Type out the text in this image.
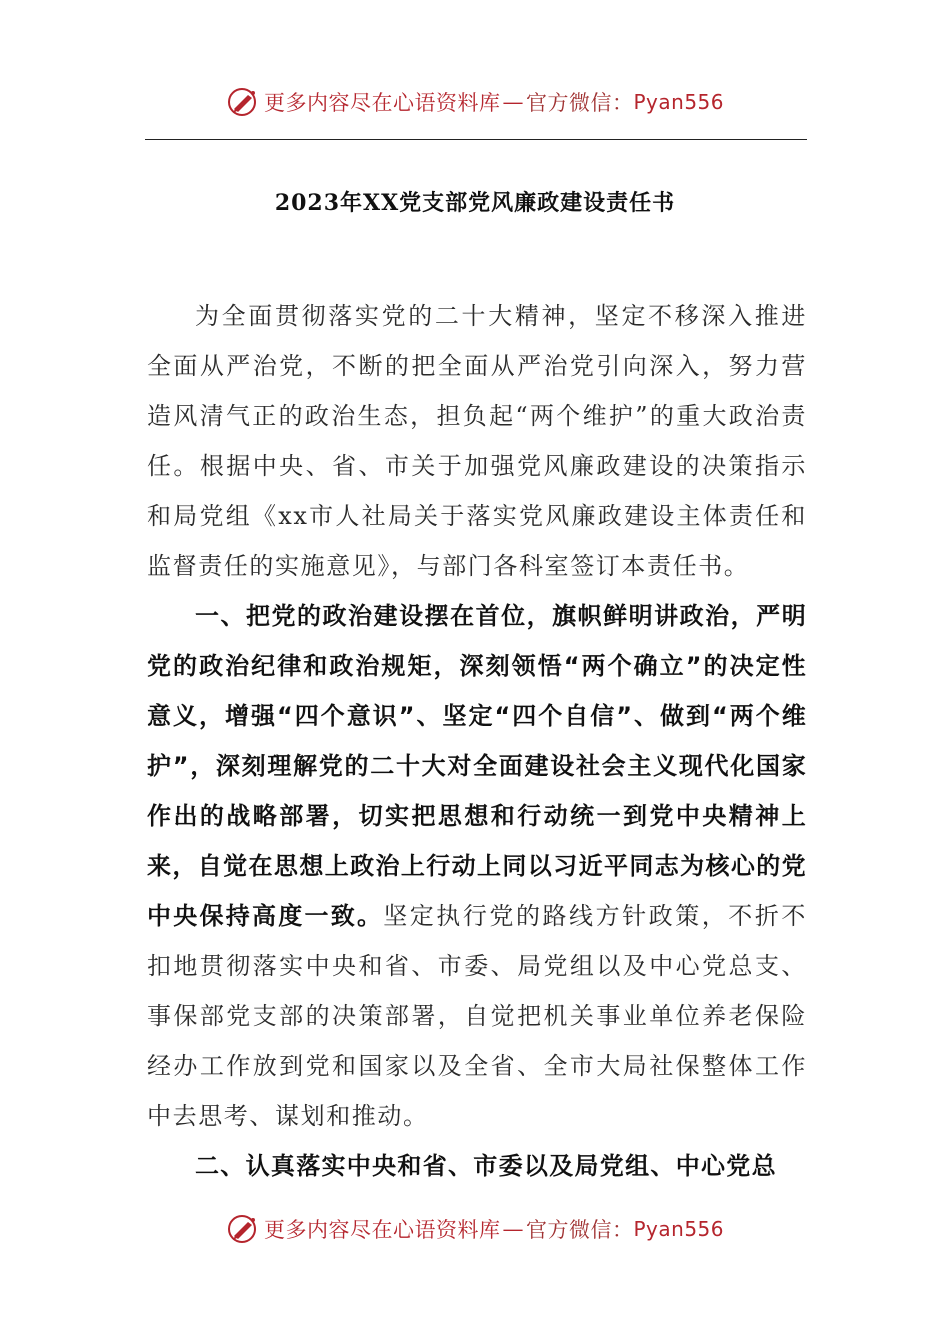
更多内容尽在心语资料库 — 官方微信： Pyan556
2023年XX党支部党风廉政建设责任书

为全面贯彻落实党的二十大精神，坚定不移深入推进全面从严治党，不断的把全面从严治党引向深入，努力营造风清气正的政治生态，担负起“两个维护”的重大政治责任。根据中央、省、市关于加强党风廉政建设的决策指示和局党组《xx市人社局关于落实党风廉政建设主体责任和监督责任的实施意见》，与部门各科室签订本责任书。

一、把党的政治建设摆在首位，旗帜鲜明讲政治，严明党的政治纪律和政治规矩，深刻领悟“两个确立”的决定性意义，增强“四个意识”、坚定“四个自信”、做到“两个维护”，深刻理解党的二十大对全面建设社会主义现代化国家作出的战略部署，切实把思想和行动统一到党中央精神上来，自觉在思想上政治上行动上同以习近平同志为核心的党中央保持高度一致。坚定执行党的路线方针政策，不折不扣地贯彻落实中央和省、市委、局党组以及中心党总支、事保部党支部的决策部署，自觉把机关事业单位养老保险经办工作放到党和国家以及全省、全市大局社保整体工作中去思考、谋划和推动。

二、认真落实中央和省、市委以及局党组、中心党总

更多内容尽在心语资料库 — 官方微信： Pyan556
